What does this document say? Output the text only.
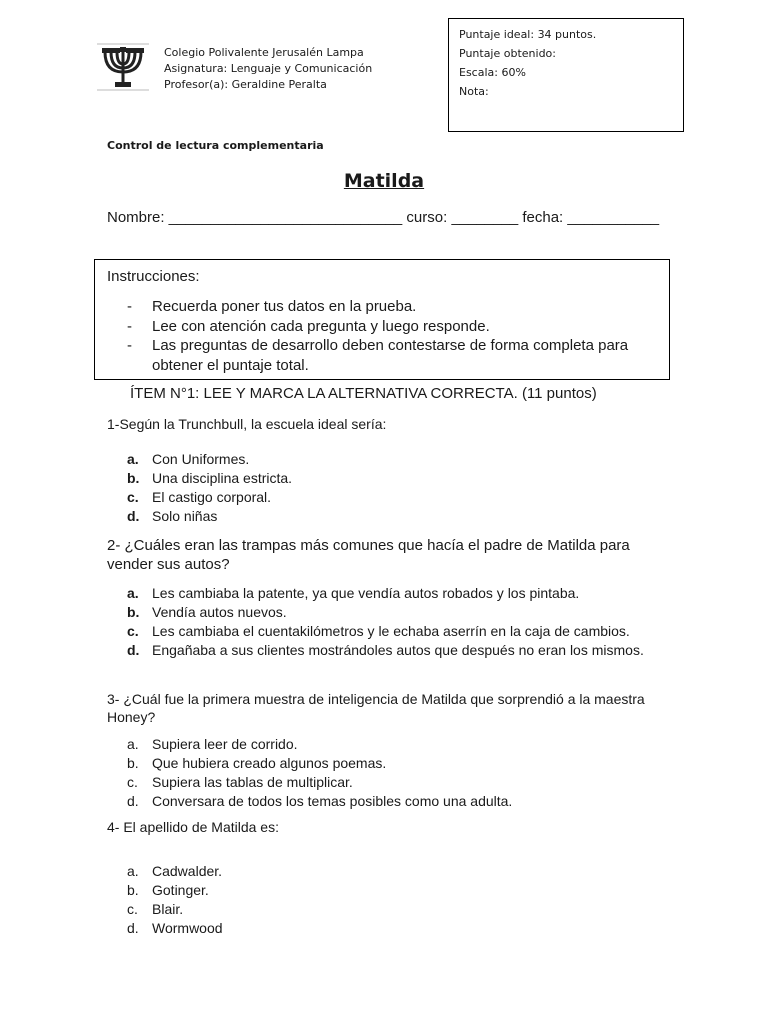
Colegio Polivalente Jerusalén Lampa
Asignatura: Lenguaje y Comunicación
Profesor(a): Geraldine Peralta
Puntaje ideal: 34 puntos.
Puntaje obtenido:
Escala: 60%
Nota:
Control de lectura complementaria
Matilda
Nombre: ____________________________ curso: ________ fecha: ___________
Instrucciones:
- Recuerda poner tus datos en la prueba.
- Lee con atención cada pregunta y luego responde.
- Las preguntas de desarrollo deben contestarse de forma completa para obtener el puntaje total.
ÍTEM N°1: LEE Y MARCA LA ALTERNATIVA CORRECTA. (11 puntos)
1-Según la Trunchbull, la escuela ideal sería:
a. Con Uniformes.
b. Una disciplina estricta.
c. El castigo corporal.
d. Solo niñas
2- ¿Cuáles eran las trampas más comunes que hacía el padre de Matilda para vender sus autos?
a. Les cambiaba la patente, ya que vendía autos robados y los pintaba.
b. Vendía autos nuevos.
c. Les cambiaba el cuentakilómetros y le echaba aserrín en la caja de cambios.
d. Engañaba a sus clientes mostrándoles autos que después no eran los mismos.
3- ¿Cuál fue la primera muestra de inteligencia de Matilda que sorprendió a la maestra Honey?
a. Supiera leer de corrido.
b. Que hubiera creado algunos poemas.
c. Supiera las tablas de multiplicar.
d. Conversara de todos los temas posibles como una adulta.
4- El apellido de Matilda es:
a. Cadwalder.
b. Gotinger.
c. Blair.
d. Wormwood
